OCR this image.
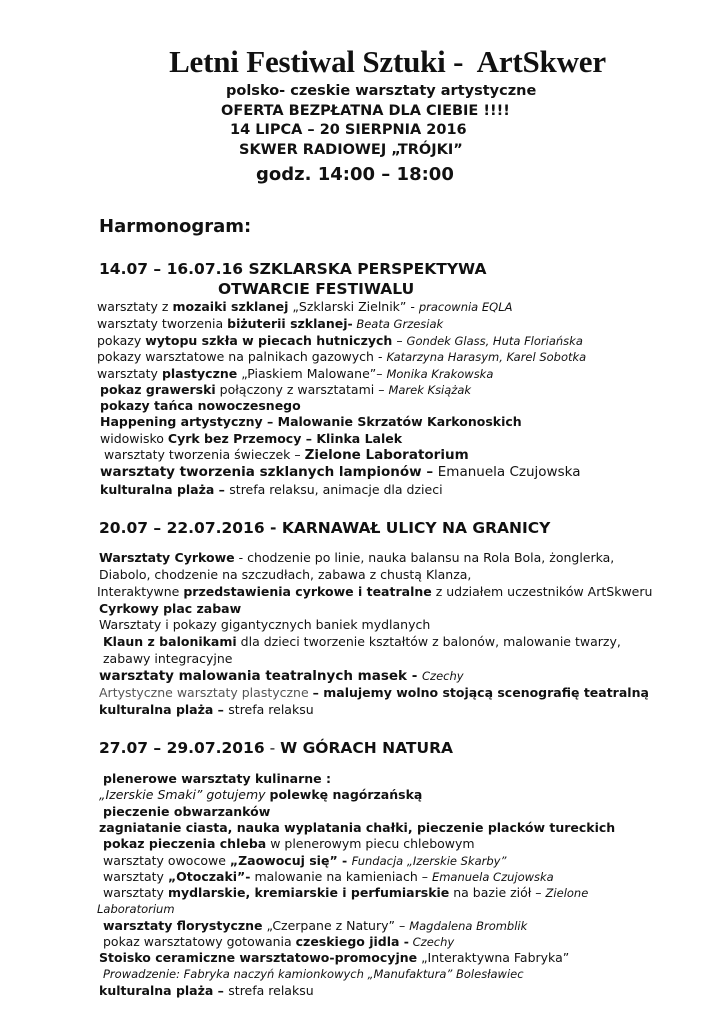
Letni Festiwal Sztuki -  ArtSkwer
polsko- czeskie warsztaty artystyczne
OFERTA BEZPŁATNA DLA CIEBIE !!!!
14 LIPCA – 20 SIERPNIA 2016
SKWER RADIOWEJ „TRÓJKI”
godz. 14:00 – 18:00
Harmonogram:
14.07 – 16.07.16 SZKLARSKA PERSPEKTYWA
OTWARCIE FESTIWALU
warsztaty z mozaiki szklanej „Szklarski Zielnik” - pracownia EQLA
warsztaty tworzenia biżuterii szklanej- Beata Grzesiak
pokazy wytopu szkła w piecach hutniczych – Gondek Glass, Huta Floriańska
pokazy warsztatowe na palnikach gazowych - Katarzyna Harasym, Karel Sobotka
warsztaty plastyczne „Piaskiem Malowane”– Monika Krakowska
pokaz grawerski połączony z warsztatami – Marek Książak
pokazy tańca nowoczesnego
Happening artystyczny – Malowanie Skrzatów Karkonoskich
widowisko Cyrk bez Przemocy – Klinka Lalek
warsztaty tworzenia świeczek – Zielone Laboratorium
warsztaty tworzenia szklanych lampionów – Emanuela Czujowska
kulturalna plaża – strefa relaksu, animacje dla dzieci
20.07 – 22.07.2016 - KARNAWAŁ ULICY NA GRANICY
Warsztaty Cyrkowe - chodzenie po linie, nauka balansu na Rola Bola, żonglerka,
Diabolo, chodzenie na szczudłach, zabawa z chustą Klanza,
Interaktywne przedstawienia cyrkowe i teatralne z udziałem uczestników ArtSkweru
Cyrkowy plac zabaw
Warsztaty i pokazy gigantycznych baniek mydlanych
Klaun z balonikami dla dzieci tworzenie kształtów z balonów, malowanie twarzy,
zabawy integracyjne
warsztaty malowania teatralnych masek - Czechy
Artystyczne warsztaty plastyczne – malujemy wolno stojącą scenografię teatralną
kulturalna plaża – strefa relaksu
27.07 – 29.07.2016 - W GÓRACH NATURA
plenerowe warsztaty kulinarne :
„Izerskie Smaki” gotujemy polewkę nagórzańską
pieczenie obwarzanków
zagniatanie ciasta, nauka wyplatania chałki, pieczenie placków tureckich
pokaz pieczenia chleba w plenerowym piecu chlebowym
warsztaty owocowe „Zaowocuj się” - Fundacja „Izerskie Skarby”
warsztaty „Otoczaki”- malowanie na kamieniach – Emanuela Czujowska
warsztaty mydlarskie, kremiarskie i perfumiarskie na bazie ziół – Zielone
Laboratorium
warsztaty florystyczne „Czerpane z Natury” – Magdalena Bromblik
pokaz warsztatowy gotowania czeskiego jidla - Czechy
Stoisko ceramiczne warsztatowo-promocyjne „Interaktywna Fabryka”
Prowadzenie: Fabryka naczyń kamionkowych „Manufaktura” Bolesławiec
kulturalna plaża – strefa relaksu
